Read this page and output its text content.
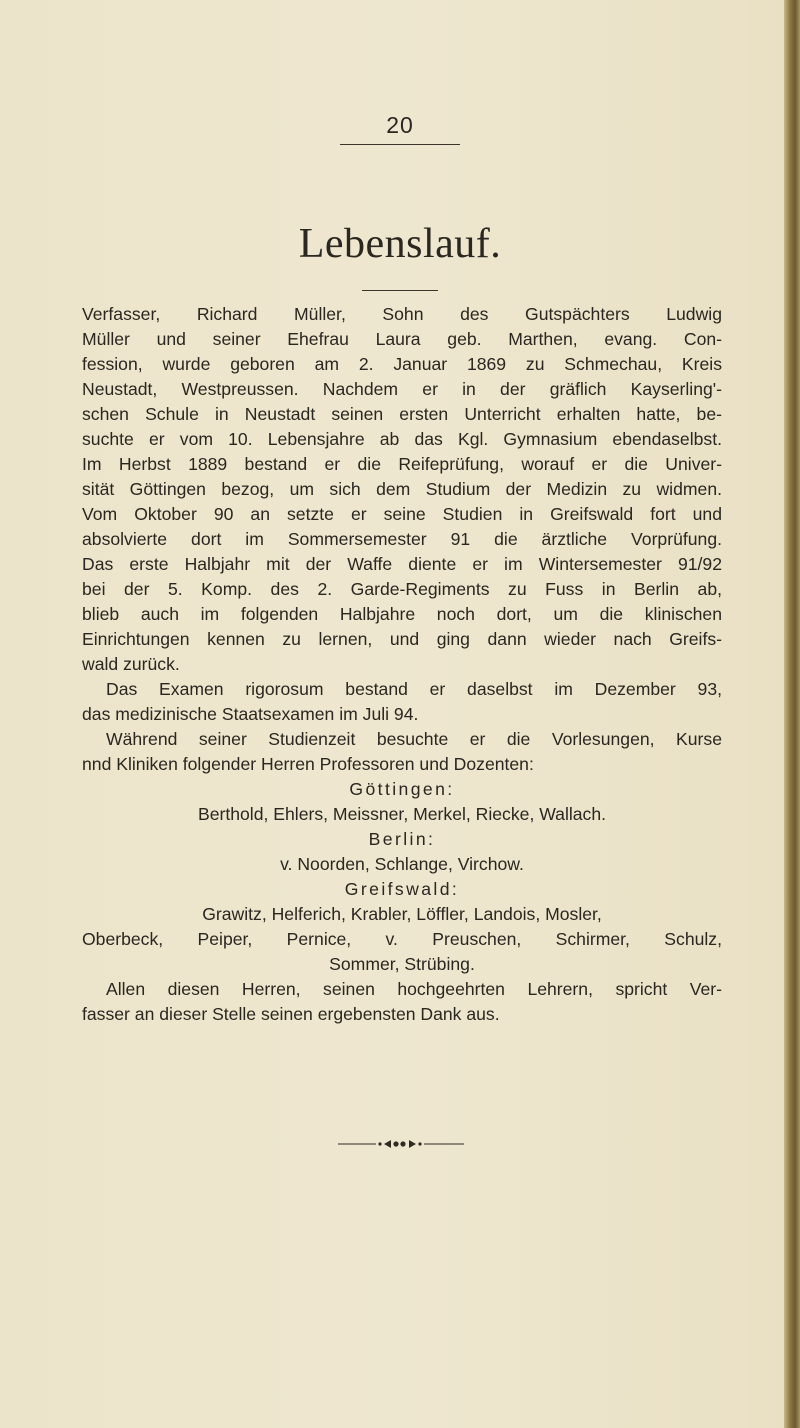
20
Lebenslauf.
Verfasser, Richard Müller, Sohn des Gutspächters Ludwig
Müller und seiner Ehefrau Laura geb. Marthen, evang. Con-
fession, wurde geboren am 2. Januar 1869 zu Schmechau, Kreis
Neustadt, Westpreussen. Nachdem er in der gräflich Kayserling'-
schen Schule in Neustadt seinen ersten Unterricht erhalten hatte, be-
suchte er vom 10. Lebensjahre ab das Kgl. Gymnasium ebendaselbst.
Im Herbst 1889 bestand er die Reifeprüfung, worauf er die Univer-
sität Göttingen bezog, um sich dem Studium der Medizin zu widmen.
Vom Oktober 90 an setzte er seine Studien in Greifswald fort und
absolvierte dort im Sommersemester 91 die ärztliche Vorprüfung.
Das erste Halbjahr mit der Waffe diente er im Wintersemester 91/92
bei der 5. Komp. des 2. Garde-Regiments zu Fuss in Berlin ab,
blieb auch im folgenden Halbjahre noch dort, um die klinischen
Einrichtungen kennen zu lernen, und ging dann wieder nach Greifs-
wald zurück.
Das Examen rigorosum bestand er daselbst im Dezember 93,
das medizinische Staatsexamen im Juli 94.
Während seiner Studienzeit besuchte er die Vorlesungen, Kurse
nnd Kliniken folgender Herren Professoren und Dozenten:
Göttingen:
Berthold, Ehlers, Meissner, Merkel, Riecke, Wallach.
Berlin:
v. Noorden, Schlange, Virchow.
Greifswald:
Grawitz, Helferich, Krabler, Löffler, Landois, Mosler,
Oberbeck, Peiper, Pernice, v. Preuschen, Schirmer, Schulz,
Sommer, Strübing.
Allen diesen Herren, seinen hochgeehrten Lehrern, spricht Ver-
fasser an dieser Stelle seinen ergebensten Dank aus.
